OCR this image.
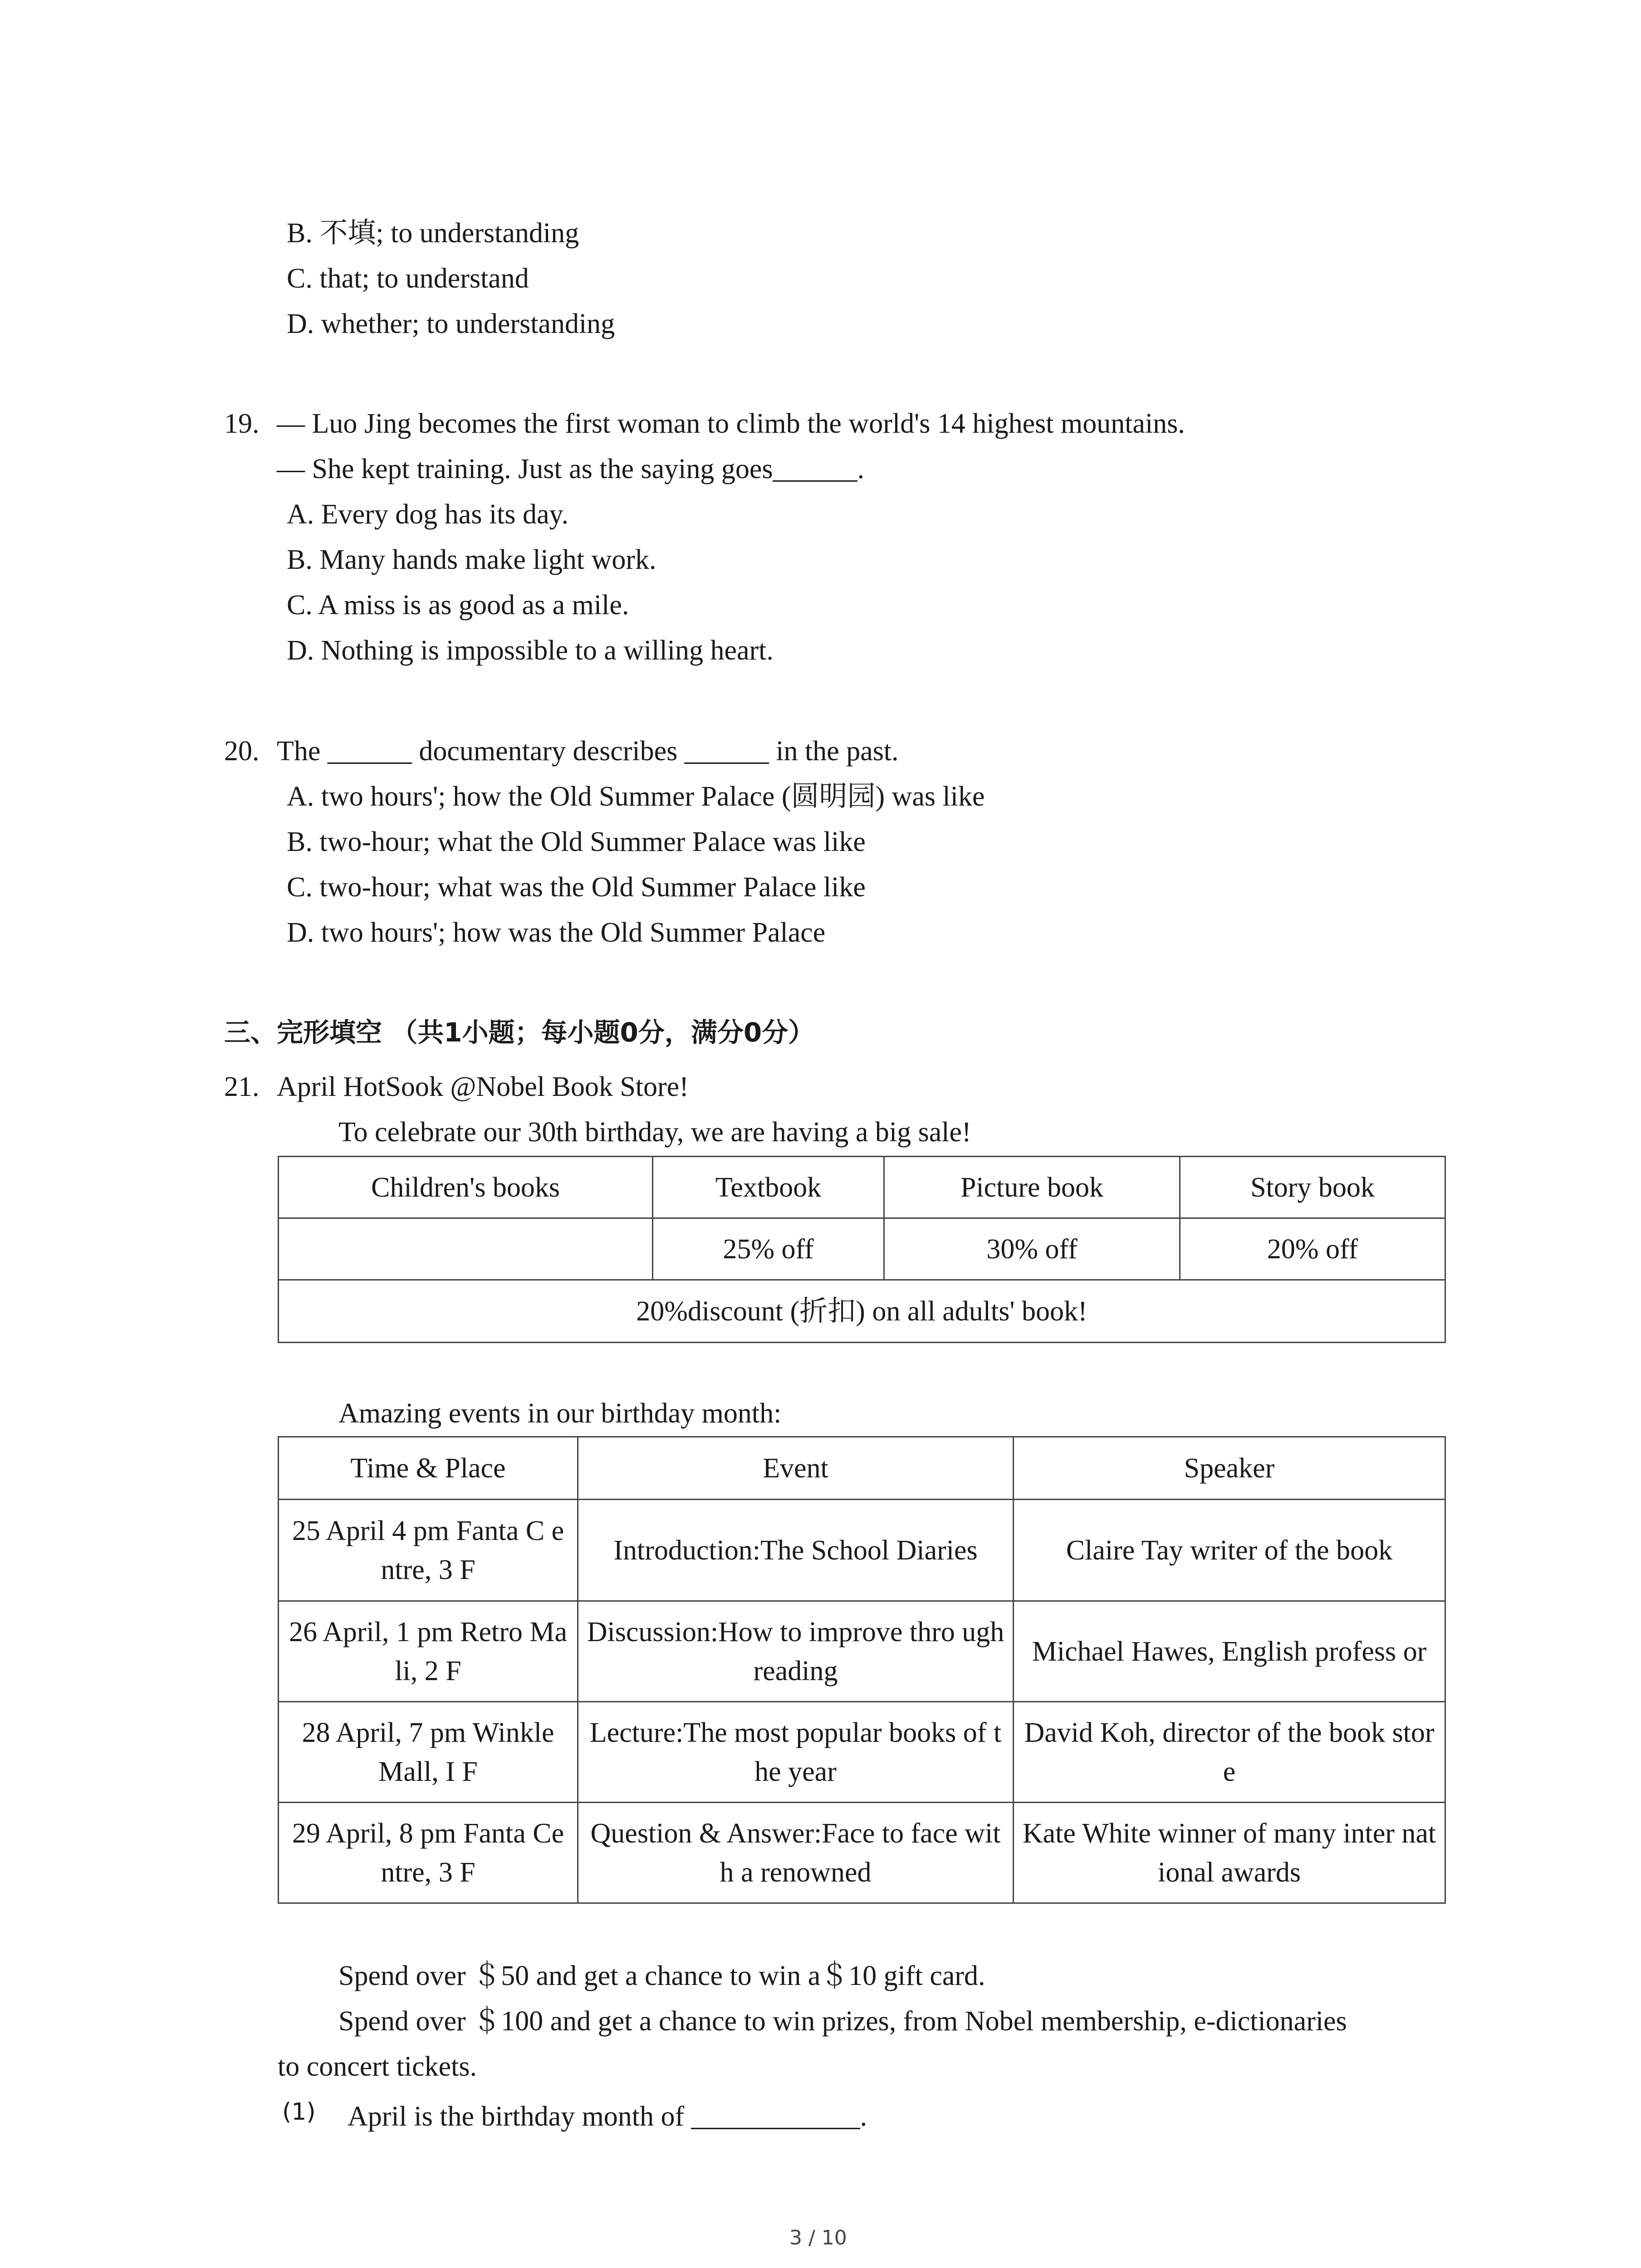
B. 不填; to understanding
C. that; to understand
D. whether; to understanding
19. — Luo Jing becomes the first woman to climb the world's 14 highest mountains.
— She kept training. Just as the saying goes______.
A. Every dog has its day.
B. Many hands make light work.
C. A miss is as good as a mile.
D. Nothing is impossible to a willing heart.
20. The ______ documentary describes ______ in the past.
A. two hours'; how the Old Summer Palace (圆明园) was like
B. two-hour; what the Old Summer Palace was like
C. two-hour; what was the Old Summer Palace like
D. two hours'; how was the Old Summer Palace
三、完形填空 （共1小题；每小题0分，满分0分）
21. April HotSook @Nobel Book Store!
To celebrate our 30th birthday, we are having a big sale!
Children's books	Textbook	Picture book	Story book
	25% off	30% off	20% off
20%discount (折扣) on all adults' book!			
Amazing events in our birthday month:
Time & Place	Event	Speaker
25 April 4 pm Fanta C entre, 3 F	Introduction:The School Diaries	Claire Tay writer of the book
26 April, 1 pm Retro Mali, 2 F	Discussion:How to improve thro ugh reading	Michael Hawes, English profess or
28 April, 7 pm Winkle Mall, I F	Lecture:The most popular books of the year	David Koh, director of the book store
29 April, 8 pm Fanta Centre, 3 F	Question & Answer:Face to face with a renowned	Kate White winner of many inter national awards
Spend over ＄50 and get a chance to win a＄10 gift card.
Spend over ＄100 and get a chance to win prizes, from Nobel membership, e-dictionaries
to concert tickets.
(1) April is the birthday month of ____________.
3 / 10
